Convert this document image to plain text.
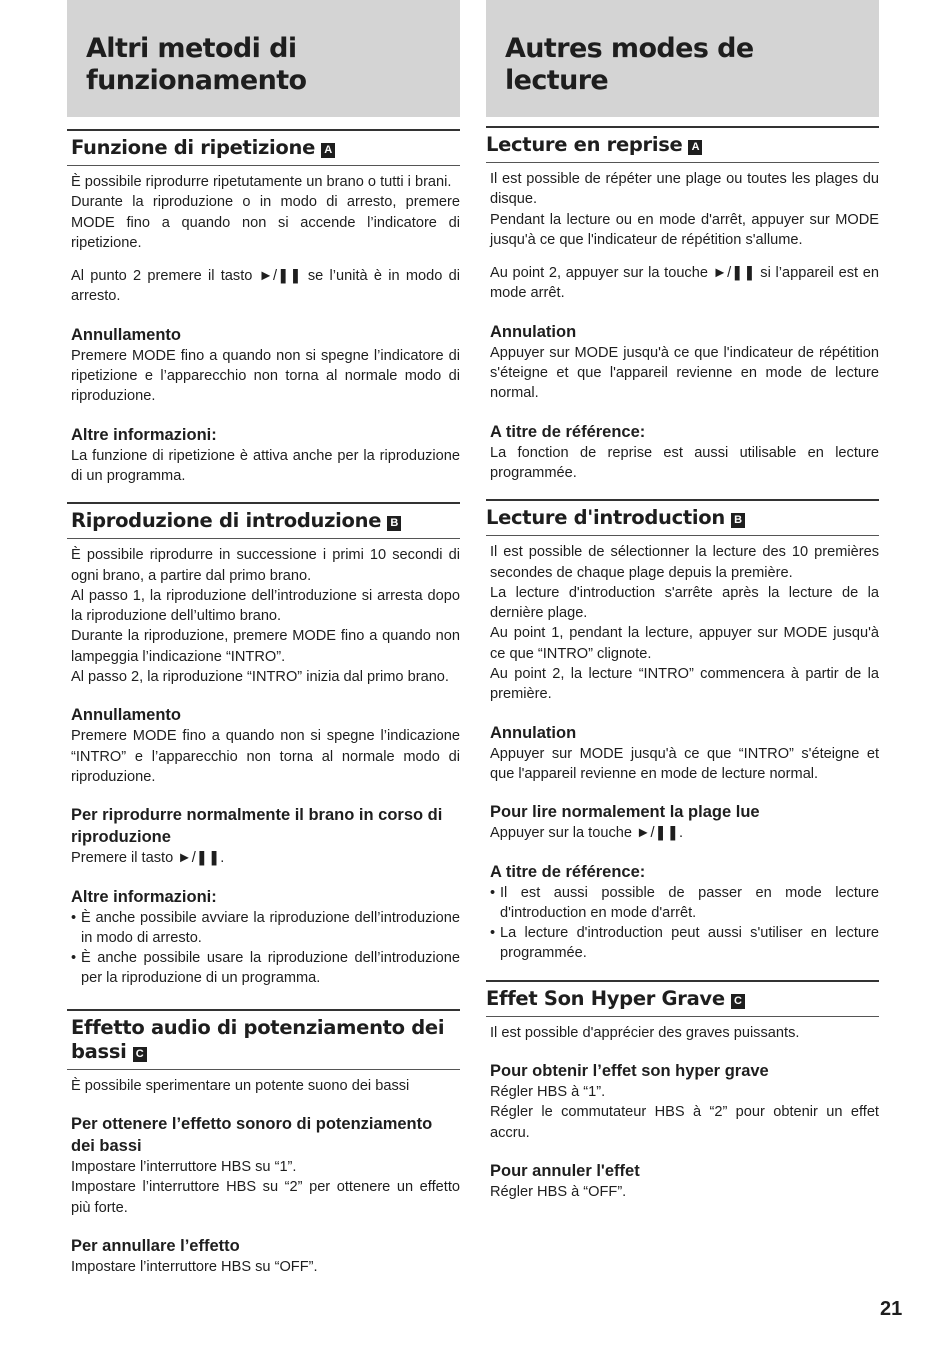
Altri metodi di funzionamento
Funzione di ripetizione A

È possibile riprodurre ripetutamente un brano o tutti i brani.

Durante la riproduzione o in modo di arresto, premere MODE fino a quando non si accende l’indicatore di ripetizione.

Al punto 2 premere il tasto ►/❚❚ se l’unità è in modo di arresto.

Annullamento

Premere MODE fino a quando non si spegne l’indicatore di ripetizione e l’apparecchio non torna al normale modo di riproduzione.

Altre informazioni:

La funzione di ripetizione è attiva anche per la riproduzione di un programma.

Riproduzione di introduzione B

È possibile riprodurre in successione i primi 10 secondi di ogni brano, a partire dal primo brano.

Al passo 1, la riproduzione dell’introduzione si arresta dopo la riproduzione dell’ultimo brano.

Durante la riproduzione, premere MODE fino a quando non lampeggia l’indicazione “INTRO”.

Al passo 2, la riproduzione “INTRO” inizia dal primo brano.

Annullamento

Premere MODE fino a quando non si spegne l’indicazione “INTRO” e l’apparecchio non torna al normale modo di riproduzione.

Per riprodurre normalmente il brano in corso di riproduzione

Premere il tasto ►/❚❚.

Altre informazioni:
• È anche possibile avviare la riproduzione dell’introduzione in modo di arresto.
• È anche possibile usare la riproduzione dell’introduzione per la riproduzione di un programma.
Effetto audio di potenziamento dei bassi C

È possibile sperimentare un potente suono dei bassi

Per ottenere l’effetto sonoro di potenziamento dei bassi

Impostare l’interruttore HBS su “1”.

Impostare l’interruttore HBS su “2” per ottenere un effetto più forte.

Per annullare l’effetto

Impostare l’interruttore HBS su “OFF”.

Autres modes de lecture
Lecture en reprise A

Il est possible de répéter une plage ou toutes les plages du disque.

Pendant la lecture ou en mode d'arrêt, appuyer sur MODE jusqu'à ce que l'indicateur de répétition s'allume.

Au point 2, appuyer sur la touche ►/❚❚ si l’appareil est en mode arrêt.

Annulation

Appuyer sur MODE jusqu'à ce que l'indicateur de répétition s'éteigne et que l'appareil revienne en mode de lecture normal.

A titre de référence:

La fonction de reprise est aussi utilisable en lecture programmée.

Lecture d'introduction B

Il est possible de sélectionner la lecture des 10 premières secondes de chaque plage depuis la première.

La lecture d'introduction s'arrête après la lecture de la dernière plage.

Au point 1, pendant la lecture, appuyer sur MODE jusqu'à ce que “INTRO” clignote.

Au point 2, la lecture “INTRO” commencera à partir de la première.

Annulation

Appuyer sur MODE jusqu'à ce que “INTRO” s'éteigne et que l'appareil revienne en mode de lecture normal.

Pour lire normalement la plage lue

Appuyer sur la touche ►/❚❚.

A titre de référence:
• Il est aussi possible de passer en mode lecture d'introduction en mode d'arrêt.
• La lecture d'introduction peut aussi s'utiliser en lecture programmée.
Effet Son Hyper Grave C

Il est possible d'apprécier des graves puissants.

Pour obtenir l’effet son hyper grave

Régler HBS à “1”.

Régler le commutateur HBS à “2” pour obtenir un effet accru.

Pour annuler l'effet

Régler HBS à “OFF”.

21
